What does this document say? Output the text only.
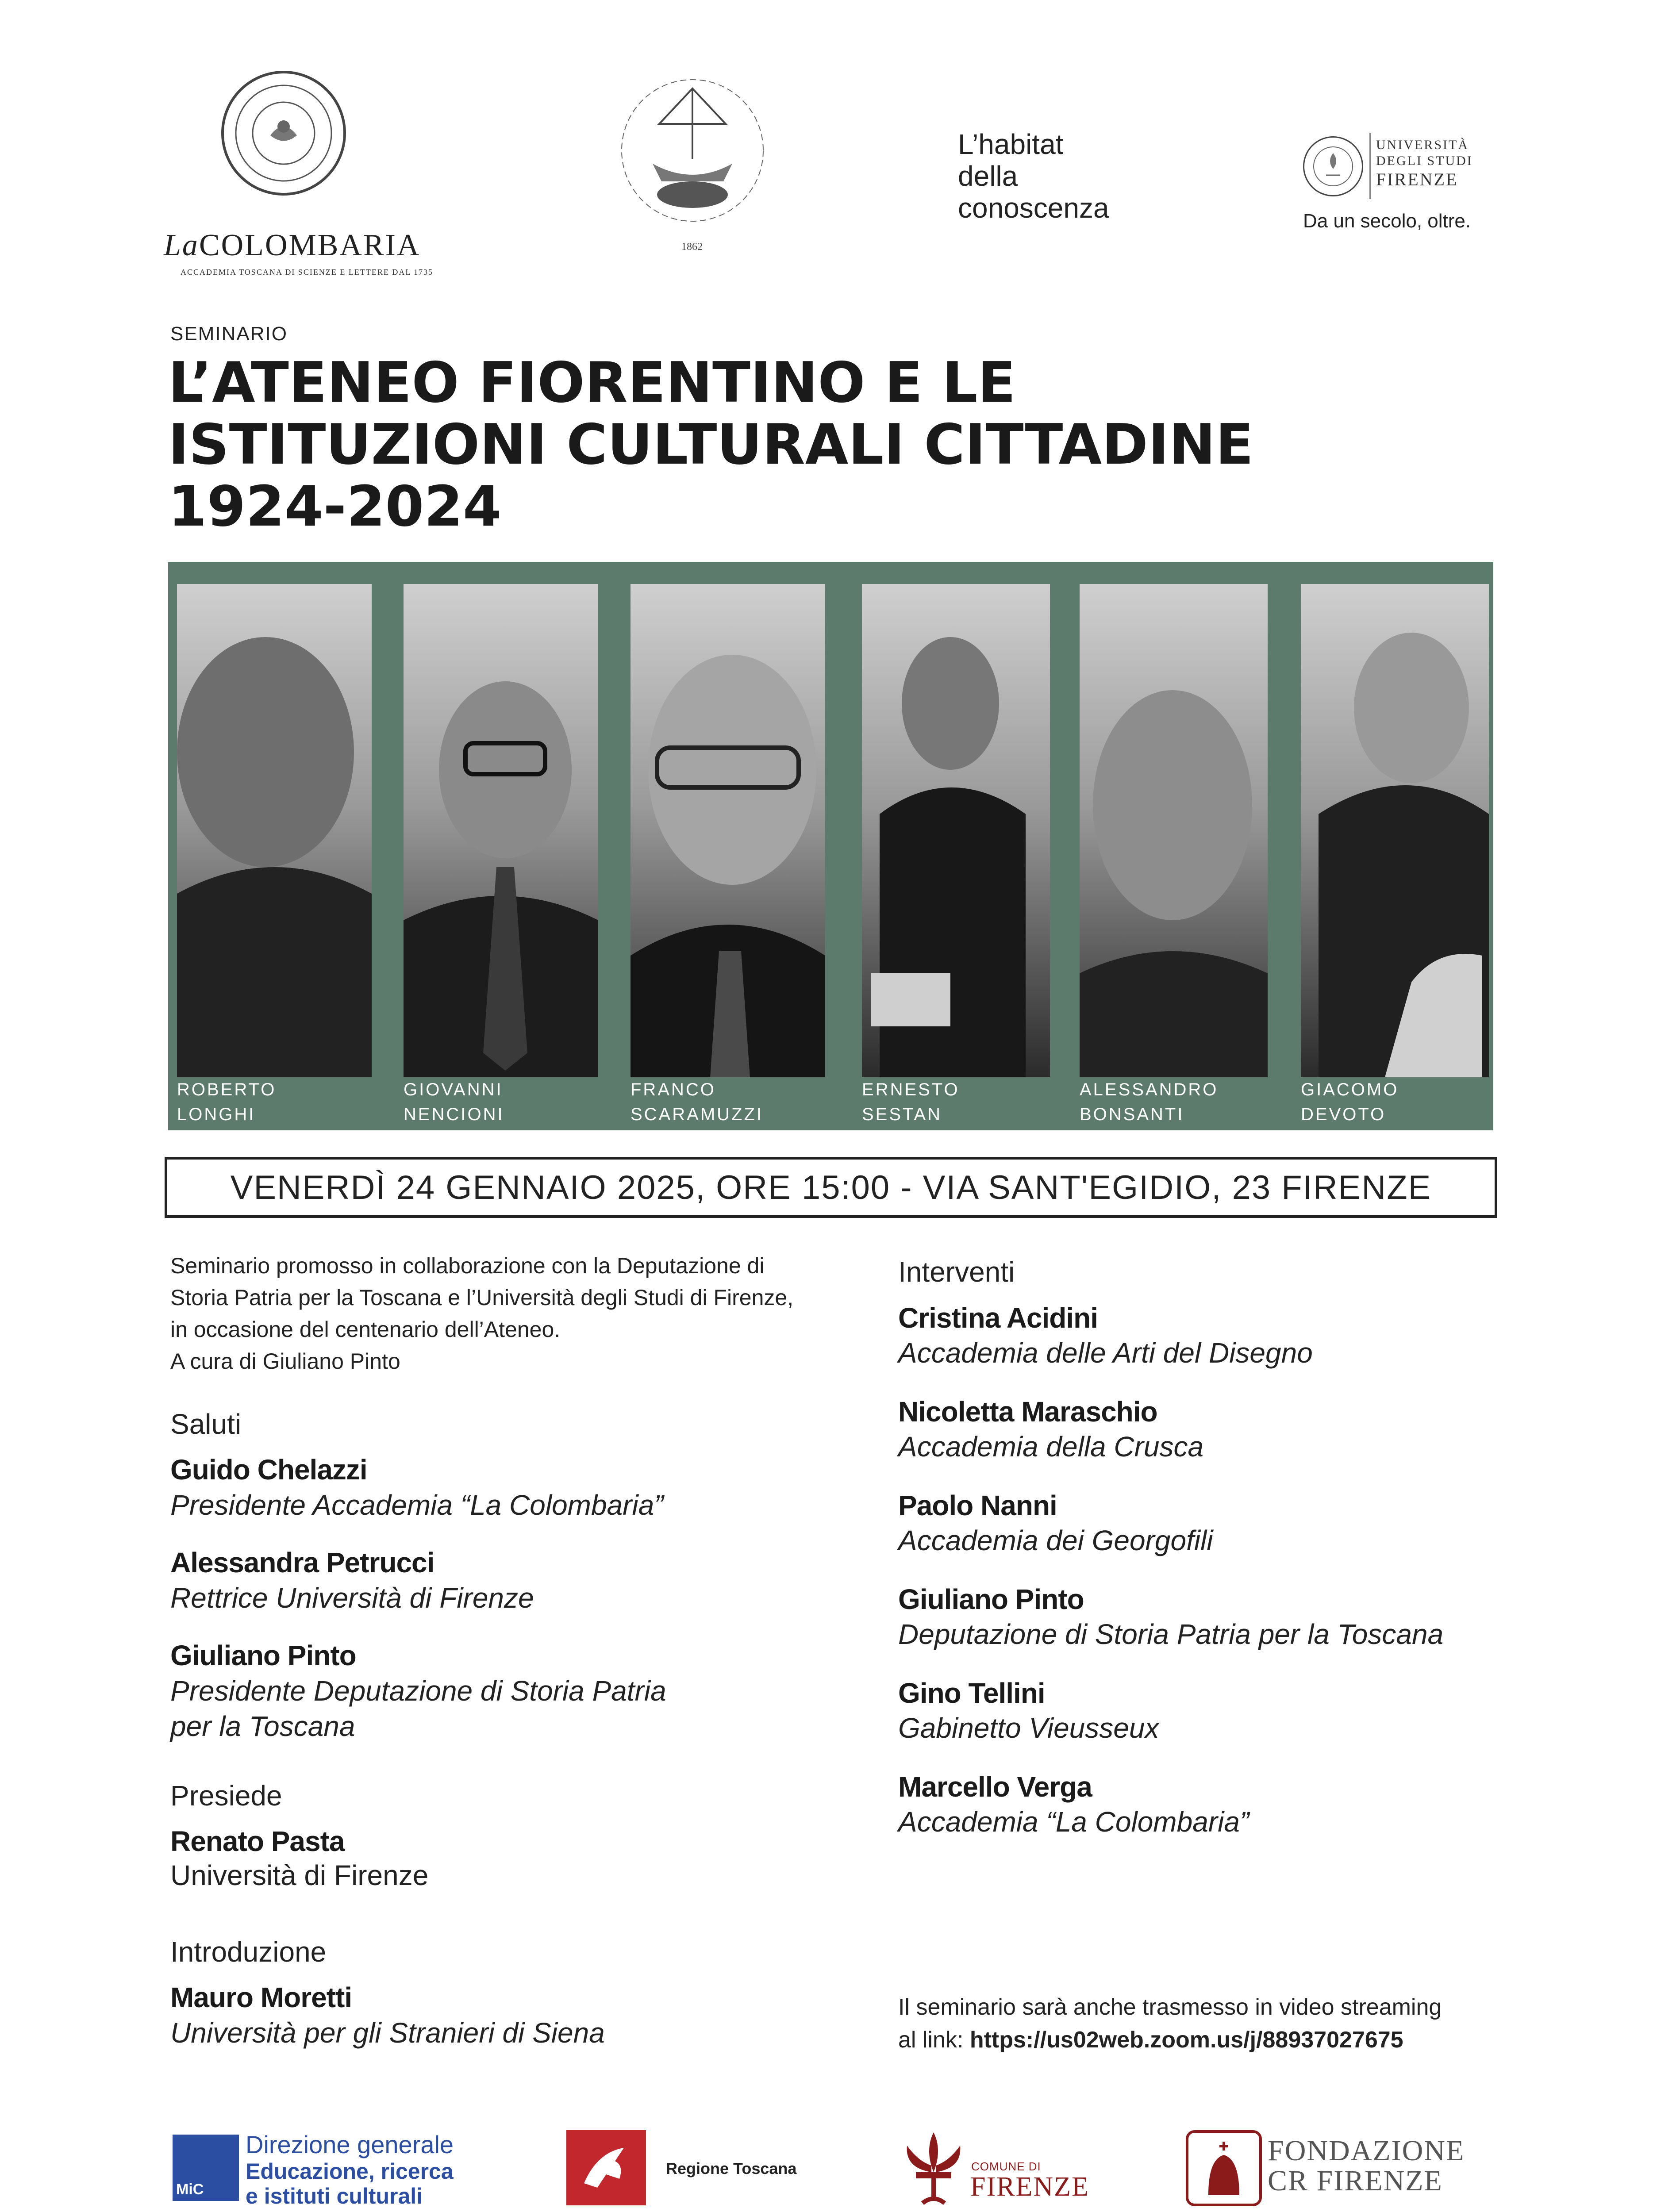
LaCOLOMBARIA
ACCADEMIA TOSCANA DI SCIENZE E LETTERE DAL 1735
1862
L’habitat
della
conoscenza
UNIVERSITÀ
DEGLI STUDI
FIRENZE
Da un secolo, oltre.
SEMINARIO
L’ATENEO FIORENTINO E LE
ISTITUZIONI CULTURALI CITTADINE
1924-2024
ROBERTO
LONGHI
GIOVANNI
NENCIONI
FRANCO
SCARAMUZZI
ERNESTO
SESTAN
ALESSANDRO
BONSANTI
GIACOMO
DEVOTO
VENERDÌ 24 GENNAIO 2025, ORE 15:00 - VIA SANT'EGIDIO, 23 FIRENZE
Seminario promosso in collaborazione con la Deputazione di
Storia Patria per la Toscana e l’Università degli Studi di Firenze,
in occasione del centenario dell’Ateneo.
A cura di Giuliano Pinto
Saluti
Guido Chelazzi
Presidente Accademia “La Colombaria”
Alessandra Petrucci
Rettrice Università di Firenze
Giuliano Pinto
Presidente Deputazione di Storia Patria
per la Toscana
Presiede
Renato Pasta
Università di Firenze
Introduzione
Mauro Moretti
Università per gli Stranieri di Siena
Interventi
Cristina Acidini
Accademia delle Arti del Disegno
Nicoletta Maraschio
Accademia della Crusca
Paolo Nanni
Accademia dei Georgofili
Giuliano Pinto
Deputazione di Storia Patria per la Toscana
Gino Tellini
Gabinetto Vieusseux
Marcello Verga
Accademia “La Colombaria”
Il seminario sarà anche trasmesso in video streaming
al link: https://us02web.zoom.us/j/88937027675
MiC
Direzione generale
Educazione, ricerca
e istituti culturali
Regione Toscana	COMUNE DI
FIRENZE
FONDAZIONE
CR FIRENZE
